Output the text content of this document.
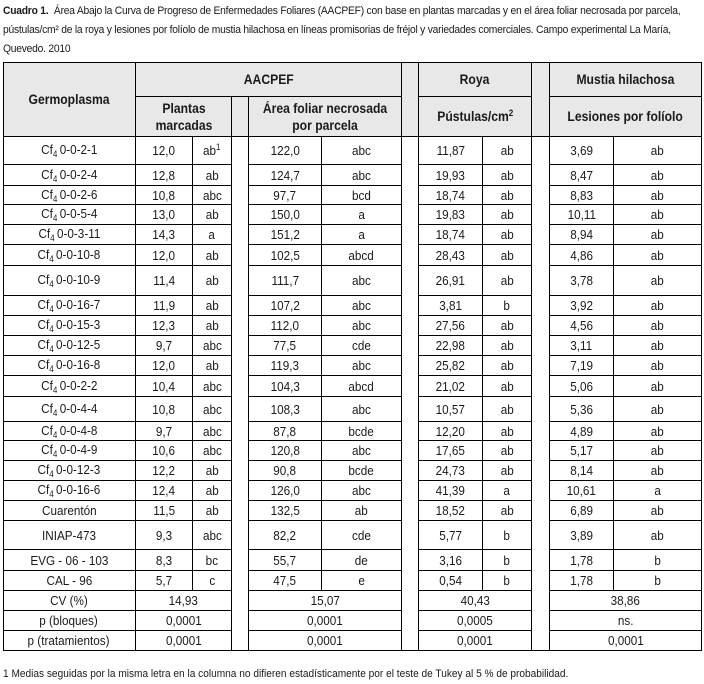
Cuadro 1. Área Abajo la Curva de Progreso de Enfermedades Foliares (AACPEF) con base en plantas marcadas y en el área foliar necrosada por parcela, pústulas/cm² de la roya y lesiones por folíolo de mustia hilachosa en líneas promisorias de fréjol y variedades comerciales. Campo experimental La María, Quevedo. 2010
Germoplasma
AACPEF	Roya	Mustia hilachosa
Plantas marcadas
Área foliar necrosada por parcela
Pústulas/$cm^2$	Lesiones por folíolo
$Cf_4$  0-0-2-1	12,0 $ab^1$	122,0	abc	11,87	ab	3,69	ab
$Cf_4$  0-0-2-4	12,8 ab	124,7	abc	19,93	ab	8,47	ab
$Cf_4$  0-0-2-6	10,8 abc	97,7	bcd	18,74	ab	8,83	ab
$Cf_4$  0-0-5-4	13,0 ab	150,0	a	19,83	ab	10,11	ab
$Cf_4$  0-0-3-11	14,3	a	151,2	a	18,74	ab	8,94	ab
$Cf_4$  0-0-10-8	12,0 ab	102,5	abcd	28,43	ab	4,86	ab
$Cf_4$  0-0-10-9	11,4 ab	111,7	abc	26,91	ab	3,78	ab
$Cf_4$  0-0-16-7	11,9 ab	107,2	abc	3,81	b	3,92	ab
$Cf_4$  0-0-15-3	12,3 ab	112,0	abc	27,56	ab	4,56	ab
$Cf_4$  0-0-12-5	9,7 abc	77,5	cde	22,98	ab	3,11	ab
$Cf_4$  0-0-16-8	12,0 ab	119,3	abc	25,82	ab	7,19	ab
$Cf_4$  0-0-2-2	10,4 abc	104,3	abcd	21,02	ab	5,06	ab
$Cf_4$  0-0-4-4	10,8 abc	108,3	abc	10,57	ab	5,36	ab
$Cf_4$  0-0-4-8	9,7 abc	87,8	bcde	12,20	ab	4,89	ab
$Cf_4$  0-0-4-9	10,6 abc	120,8	abc	17,65	ab	5,17	ab
$Cf_4$  0-0-12-3	12,2 ab	90,8	bcde	24,73	ab	8,14	ab
$Cf_4$  0-0-16-6	12,4 ab	126,0	abc	41,39	a	10,61	a
Cuarentón	11,5 ab	132,5	ab	18,52	ab	6,89	ab
INIAP-473	9,3 abc	82,2	cde	5,77	b	3,89	ab
EVG - 06 - 103	8,3	bc	55,7	de	3,16	b	1,78	b
CAL - 96	5,7	c	47,5	e	0,54	b	1,78	b
CV (%)	14,93	15,07	40,43	38,86
p (bloques)	0,0001	0,0001	0,0005	ns.
p (tratamientos)	0,0001	0,0001	0,0001	0,0001
1 Medias seguidas por la misma letra en la columna no difieren estadísticamente por el teste de Tukey al 5 % de probabilidad.
